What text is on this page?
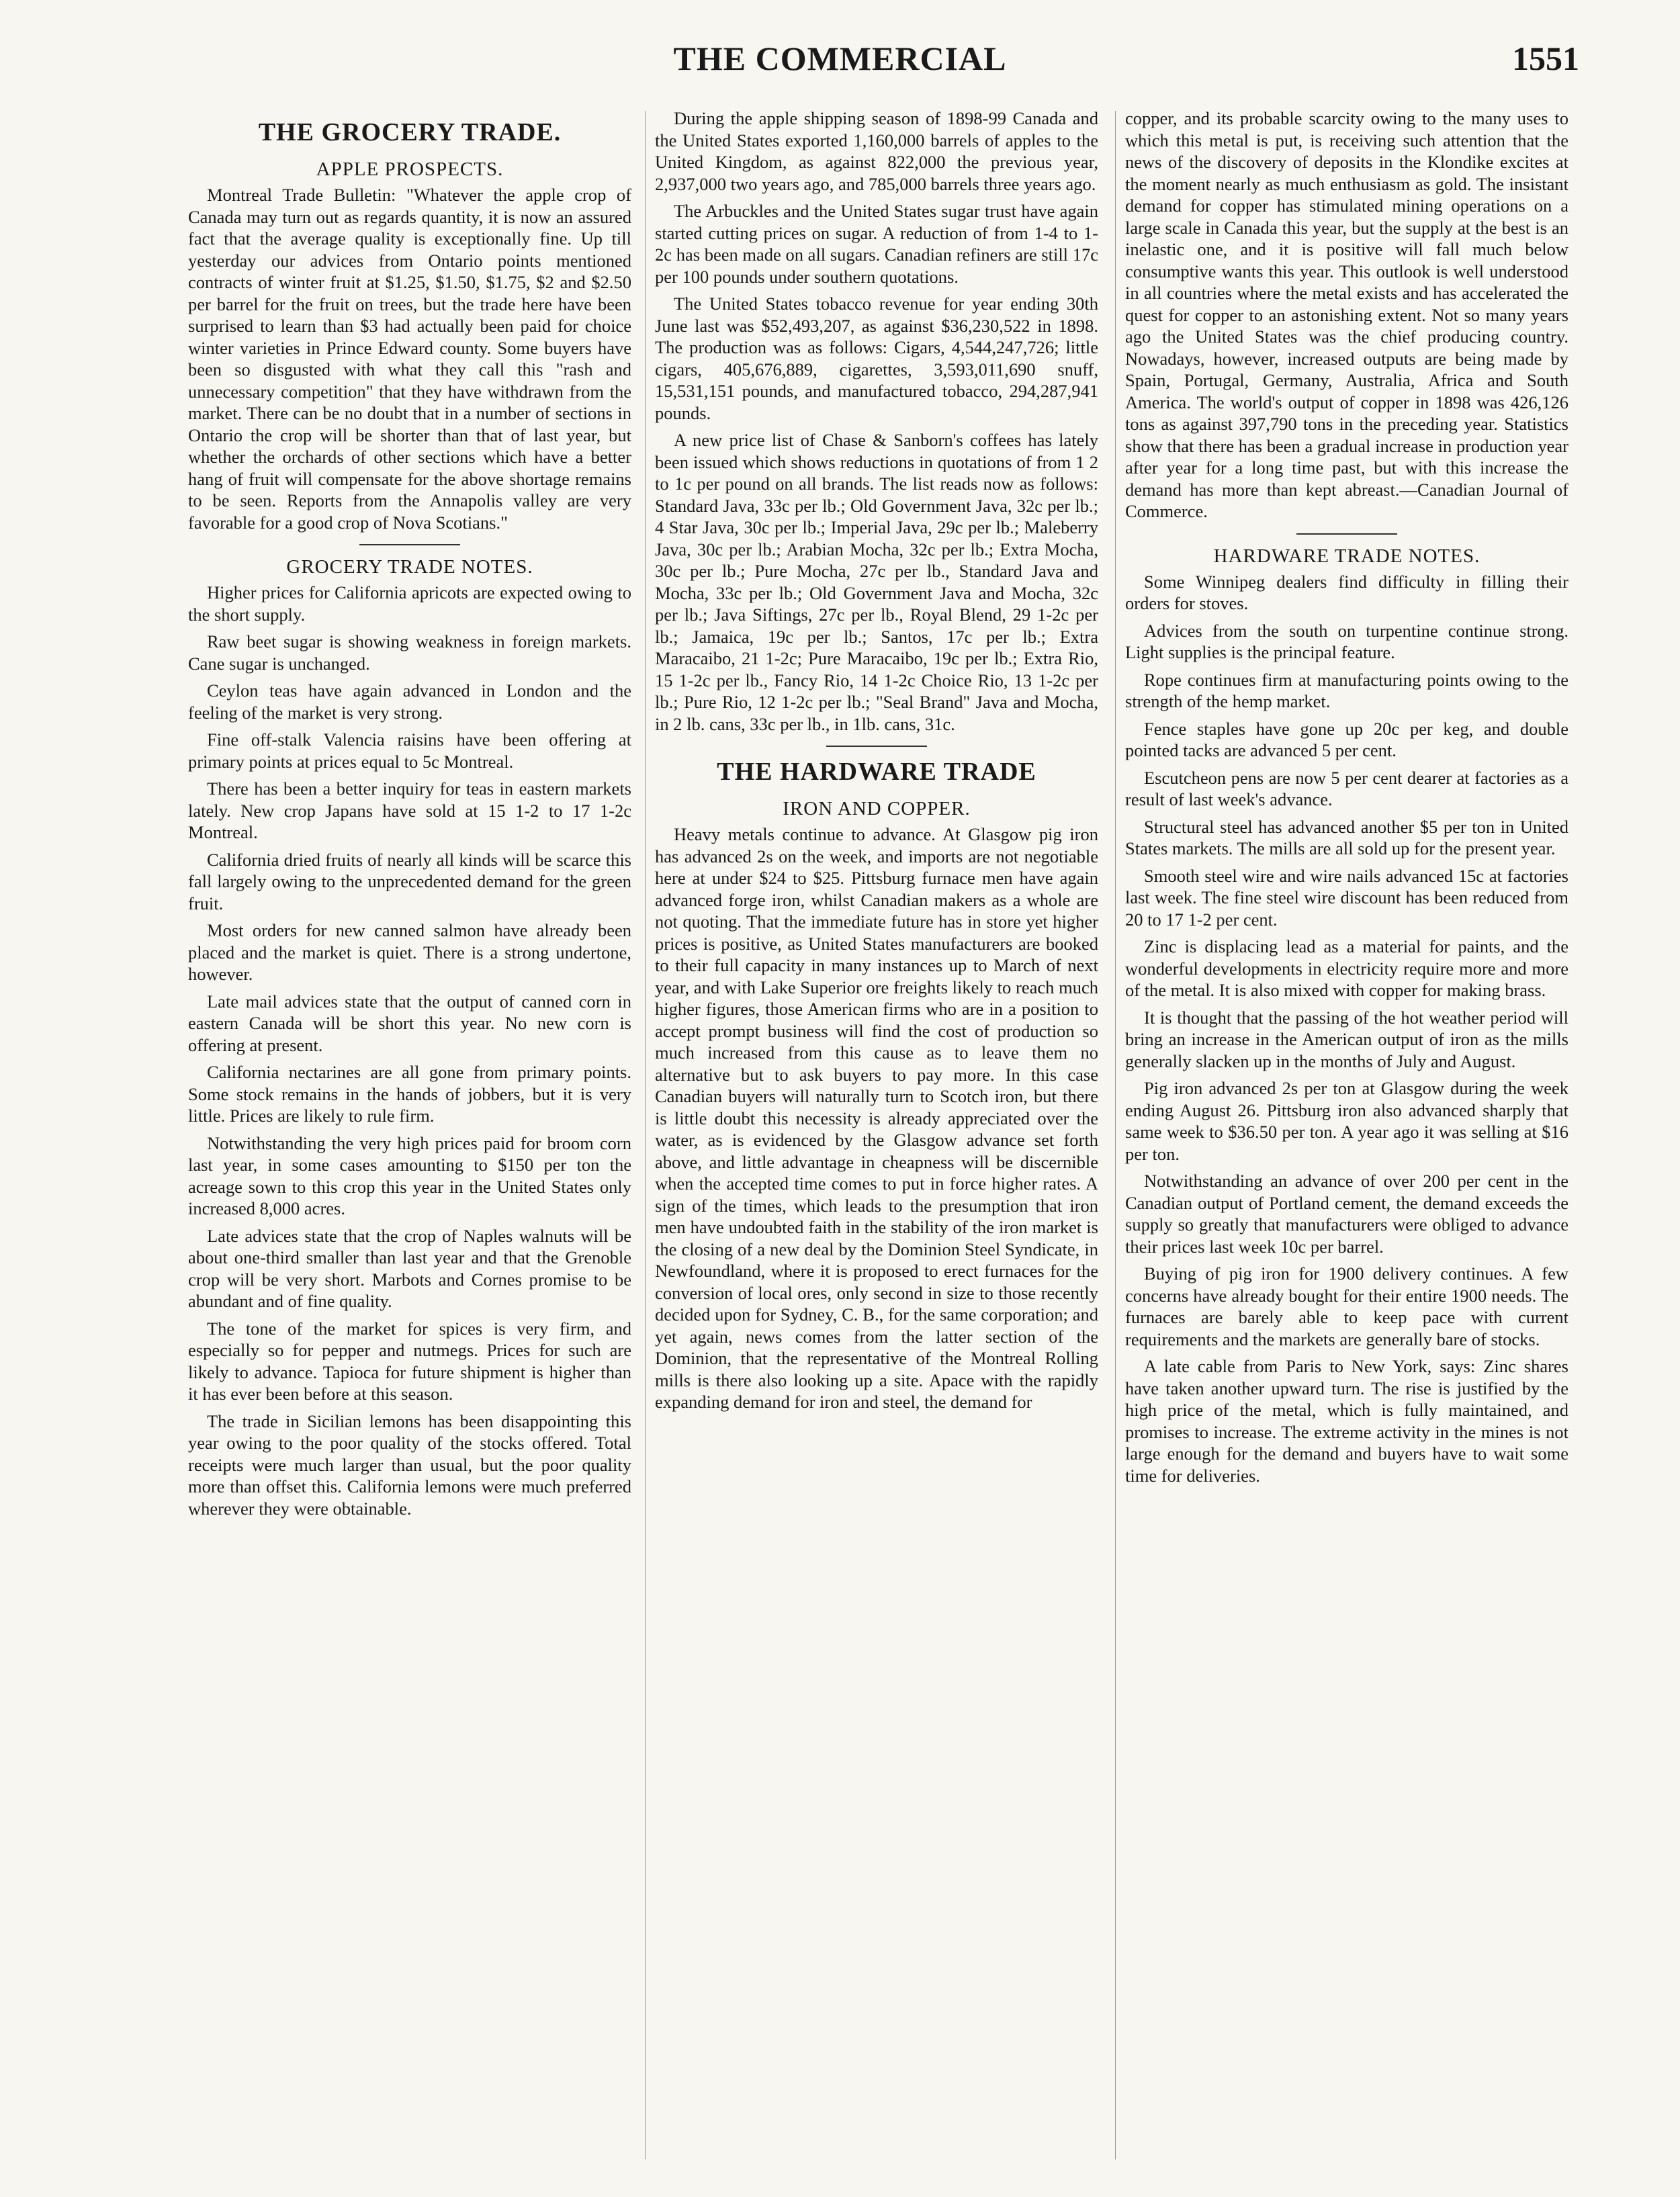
THE COMMERCIAL	1551
THE GROCERY TRADE.
APPLE PROSPECTS.

Montreal Trade Bulletin: "Whatever the apple crop of Canada may turn out as regards quantity, it is now an assured fact that the average quality is exceptionally fine. Up till yesterday our advices from Ontario points mentioned contracts of winter fruit at $1.25, $1.50, $1.75, $2 and $2.50 per barrel for the fruit on trees, but the trade here have been surprised to learn than $3 had actually been paid for choice winter varieties in Prince Edward county. Some buyers have been so disgusted with what they call this "rash and unnecessary competition" that they have withdrawn from the market. There can be no doubt that in a number of sections in Ontario the crop will be shorter than that of last year, but whether the orchards of other sections which have a better hang of fruit will compensate for the above shortage remains to be seen. Reports from the Annapolis valley are very favorable for a good crop of Nova Scotians."

GROCERY TRADE NOTES.

Higher prices for California apricots are expected owing to the short supply.

Raw beet sugar is showing weakness in foreign markets. Cane sugar is unchanged.

Ceylon teas have again advanced in London and the feeling of the market is very strong.

Fine off-stalk Valencia raisins have been offering at primary points at prices equal to 5c Montreal.

There has been a better inquiry for teas in eastern markets lately. New crop Japans have sold at 15 1-2 to 17 1-2c Montreal.

California dried fruits of nearly all kinds will be scarce this fall largely owing to the unprecedented demand for the green fruit.

Most orders for new canned salmon have already been placed and the market is quiet. There is a strong undertone, however.

Late mail advices state that the output of canned corn in eastern Canada will be short this year. No new corn is offering at present.

California nectarines are all gone from primary points. Some stock remains in the hands of jobbers, but it is very little. Prices are likely to rule firm.

Notwithstanding the very high prices paid for broom corn last year, in some cases amounting to $150 per ton the acreage sown to this crop this year in the United States only increased 8,000 acres.

Late advices state that the crop of Naples walnuts will be about one-third smaller than last year and that the Grenoble crop will be very short. Marbots and Cornes promise to be abundant and of fine quality.

The tone of the market for spices is very firm, and especially so for pepper and nutmegs. Prices for such are likely to advance. Tapioca for future shipment is higher than it has ever been before at this season.

The trade in Sicilian lemons has been disappointing this year owing to the poor quality of the stocks offered. Total receipts were much larger than usual, but the poor quality more than offset this. California lemons were much preferred wherever they were obtainable.

During the apple shipping season of 1898-99 Canada and the United States exported 1,160,000 barrels of apples to the United Kingdom, as against 822,000 the previous year, 2,937,000 two years ago, and 785,000 barrels three years ago.

The Arbuckles and the United States sugar trust have again started cutting prices on sugar. A reduction of from 1-4 to 1-2c has been made on all sugars. Canadian refiners are still 17c per 100 pounds under southern quotations.

The United States tobacco revenue for year ending 30th June last was $52,493,207, as against $36,230,522 in 1898. The production was as follows: Cigars, 4,544,247,726; little cigars, 405,676,889, cigarettes, 3,593,011,690 snuff, 15,531,151 pounds, and manufactured tobacco, 294,287,941 pounds.

A new price list of Chase & Sanborn's coffees has lately been issued which shows reductions in quotations of from 1 2 to 1c per pound on all brands. The list reads now as follows: Standard Java, 33c per lb.; Old Government Java, 32c per lb.; 4 Star Java, 30c per lb.; Imperial Java, 29c per lb.; Maleberry Java, 30c per lb.; Arabian Mocha, 32c per lb.; Extra Mocha, 30c per lb.; Pure Mocha, 27c per lb., Standard Java and Mocha, 33c per lb.; Old Government Java and Mocha, 32c per lb.; Java Siftings, 27c per lb., Royal Blend, 29 1-2c per lb.; Jamaica, 19c per lb.; Santos, 17c per lb.; Extra Maracaibo, 21 1-2c; Pure Maracaibo, 19c per lb.; Extra Rio, 15 1-2c per lb., Fancy Rio, 14 1-2c Choice Rio, 13 1-2c per lb.; Pure Rio, 12 1-2c per lb.; "Seal Brand" Java and Mocha, in 2 lb. cans, 33c per lb., in 1lb. cans, 31c.

THE HARDWARE TRADE
IRON AND COPPER.

Heavy metals continue to advance. At Glasgow pig iron has advanced 2s on the week, and imports are not negotiable here at under $24 to $25. Pittsburg furnace men have again advanced forge iron, whilst Canadian makers as a whole are not quoting. That the immediate future has in store yet higher prices is positive, as United States manufacturers are booked to their full capacity in many instances up to March of next year, and with Lake Superior ore freights likely to reach much higher figures, those American firms who are in a position to accept prompt business will find the cost of production so much increased from this cause as to leave them no alternative but to ask buyers to pay more. In this case Canadian buyers will naturally turn to Scotch iron, but there is little doubt this necessity is already appreciated over the water, as is evidenced by the Glasgow advance set forth above, and little advantage in cheapness will be discernible when the accepted time comes to put in force higher rates. A sign of the times, which leads to the presumption that iron men have undoubted faith in the stability of the iron market is the closing of a new deal by the Dominion Steel Syndicate, in Newfoundland, where it is proposed to erect furnaces for the conversion of local ores, only second in size to those recently decided upon for Sydney, C. B., for the same corporation; and yet again, news comes from the latter section of the Dominion, that the representative of the Montreal Rolling mills is there also looking up a site. Apace with the rapidly expanding demand for iron and steel, the demand for

copper, and its probable scarcity owing to the many uses to which this metal is put, is receiving such attention that the news of the discovery of deposits in the Klondike excites at the moment nearly as much enthusiasm as gold. The insistant demand for copper has stimulated mining operations on a large scale in Canada this year, but the supply at the best is an inelastic one, and it is positive will fall much below consumptive wants this year. This outlook is well understood in all countries where the metal exists and has accelerated the quest for copper to an astonishing extent. Not so many years ago the United States was the chief producing country. Nowadays, however, increased outputs are being made by Spain, Portugal, Germany, Australia, Africa and South America. The world's output of copper in 1898 was 426,126 tons as against 397,790 tons in the preceding year. Statistics show that there has been a gradual increase in production year after year for a long time past, but with this increase the demand has more than kept abreast.—Canadian Journal of Commerce.

HARDWARE TRADE NOTES.

Some Winnipeg dealers find difficulty in filling their orders for stoves.

Advices from the south on turpentine continue strong. Light supplies is the principal feature.

Rope continues firm at manufacturing points owing to the strength of the hemp market.

Fence staples have gone up 20c per keg, and double pointed tacks are advanced 5 per cent.

Escutcheon pens are now 5 per cent dearer at factories as a result of last week's advance.

Structural steel has advanced another $5 per ton in United States markets. The mills are all sold up for the present year.

Smooth steel wire and wire nails advanced 15c at factories last week. The fine steel wire discount has been reduced from 20 to 17 1-2 per cent.

Zinc is displacing lead as a material for paints, and the wonderful developments in electricity require more and more of the metal. It is also mixed with copper for making brass.

It is thought that the passing of the hot weather period will bring an increase in the American output of iron as the mills generally slacken up in the months of July and August.

Pig iron advanced 2s per ton at Glasgow during the week ending August 26. Pittsburg iron also advanced sharply that same week to $36.50 per ton. A year ago it was selling at $16 per ton.

Notwithstanding an advance of over 200 per cent in the Canadian output of Portland cement, the demand exceeds the supply so greatly that manufacturers were obliged to advance their prices last week 10c per barrel.

Buying of pig iron for 1900 delivery continues. A few concerns have already bought for their entire 1900 needs. The furnaces are barely able to keep pace with current requirements and the markets are generally bare of stocks.

A late cable from Paris to New York, says: Zinc shares have taken another upward turn. The rise is justified by the high price of the metal, which is fully maintained, and promises to increase. The extreme activity in the mines is not large enough for the demand and buyers have to wait some time for deliveries.
